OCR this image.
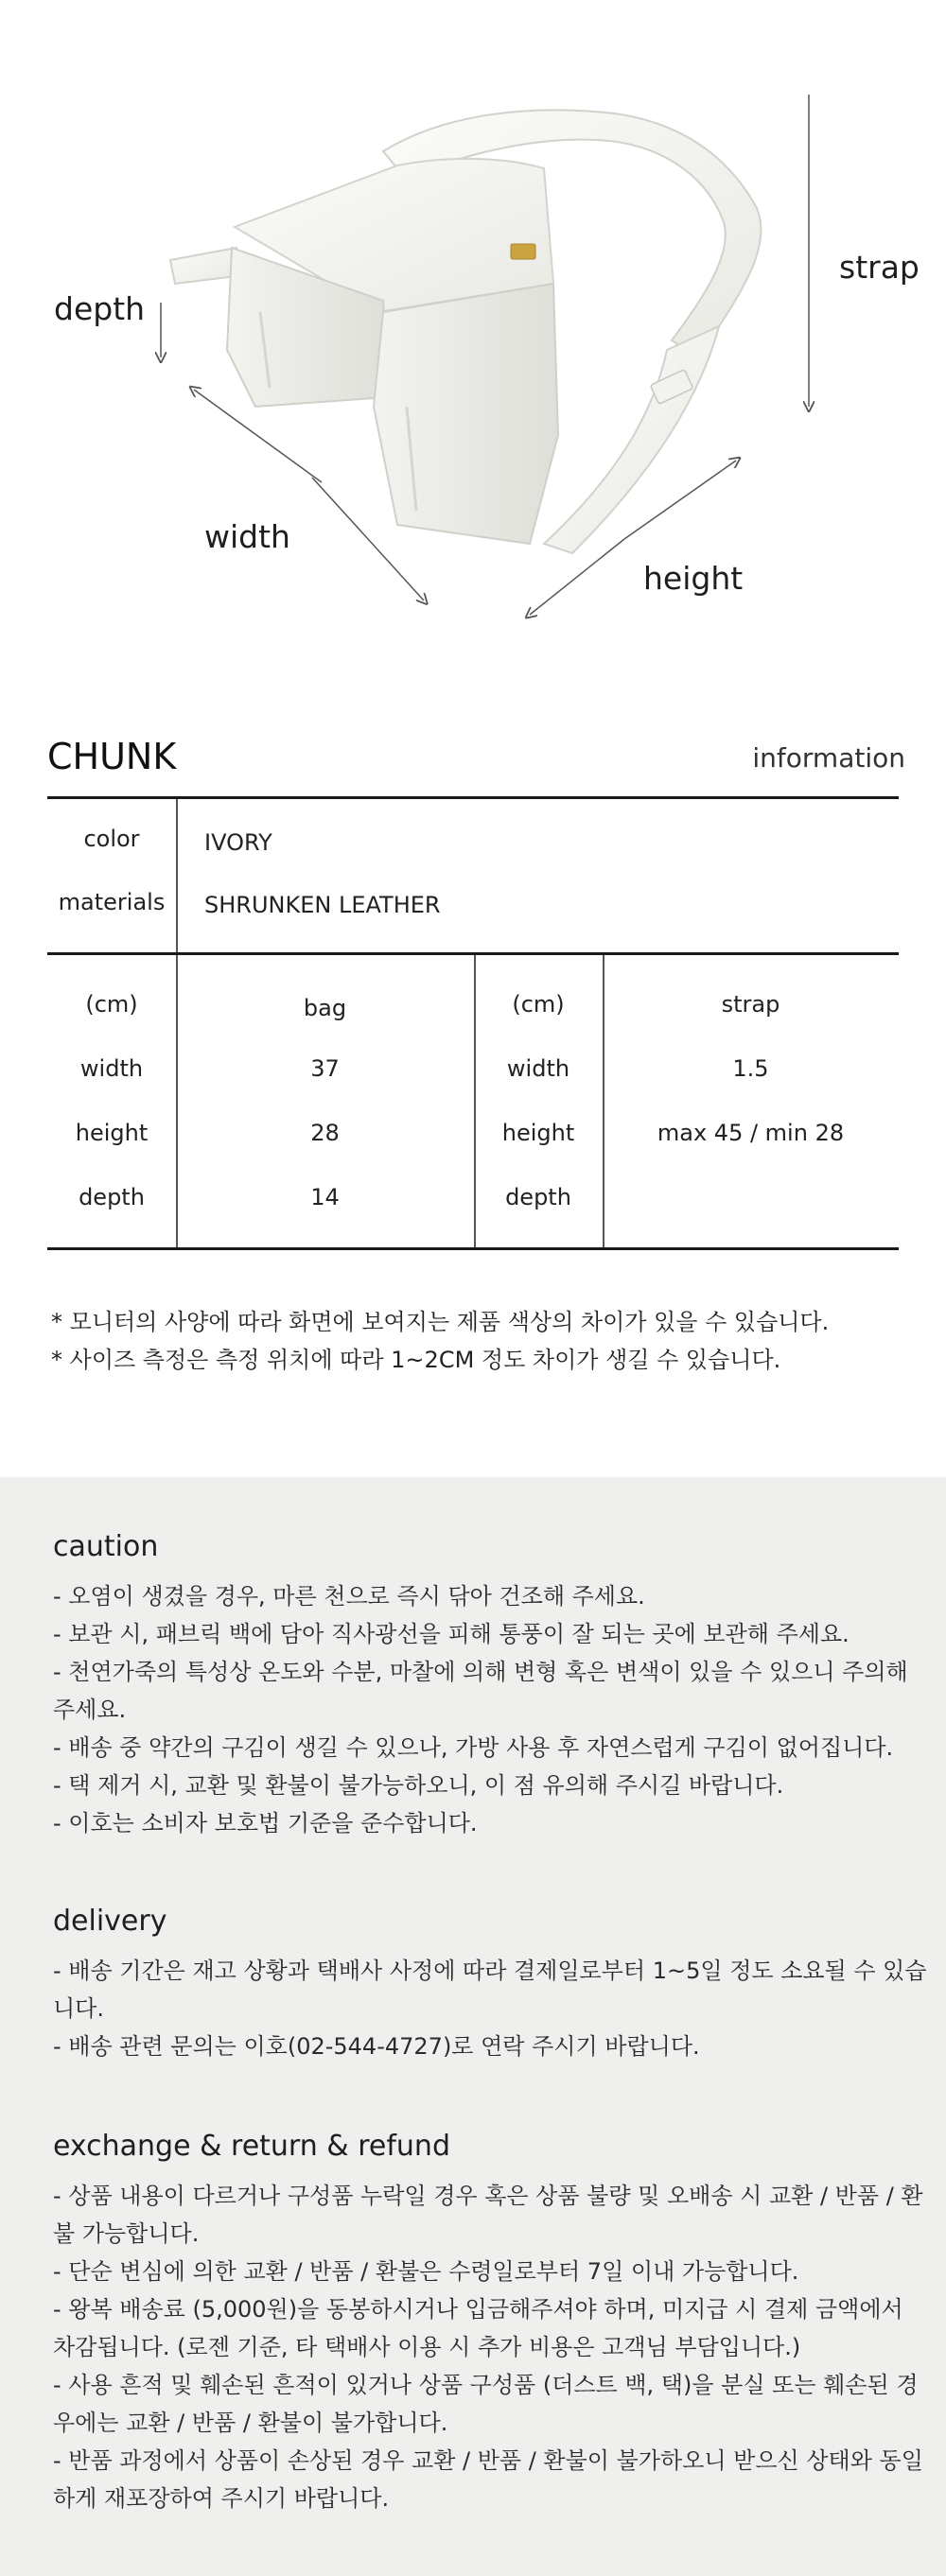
strap
depth
width
height
CHUNK	information
color	IVORY
materials	SHRUNKEN LEATHER
(cm)	bag	(cm)	strap
width	37	width	1.5
height	28	height	max 45 / min 28
depth	14	depth
* 모니터의 사양에 따라 화면에 보여지는 제품 색상의 차이가 있을 수 있습니다.
* 사이즈 측정은 측정 위치에 따라 1~2CM 정도 차이가 생길 수 있습니다.
caution
- 오염이 생겼을 경우, 마른 천으로 즉시 닦아 건조해 주세요.
- 보관 시, 패브릭 백에 담아 직사광선을 피해 통풍이 잘 되는 곳에 보관해 주세요.
- 천연가죽의 특성상 온도와 수분, 마찰에 의해 변형 혹은 변색이 있을 수 있으니 주의해
주세요.
- 배송 중 약간의 구김이 생길 수 있으나, 가방 사용 후 자연스럽게 구김이 없어집니다.
- 택 제거 시, 교환 및 환불이 불가능하오니, 이 점 유의해 주시길 바랍니다.
- 이호는 소비자 보호법 기준을 준수합니다.
delivery
- 배송 기간은 재고 상황과 택배사 사정에 따라 결제일로부터 1~5일 정도 소요될 수 있습
니다.
- 배송 관련 문의는 이호(02-544-4727)로 연락 주시기 바랍니다.
exchange & return & refund
- 상품 내용이 다르거나 구성품 누락일 경우 혹은 상품 불량 및 오배송 시 교환 / 반품 / 환
불 가능합니다.
- 단순 변심에 의한 교환 / 반품 / 환불은 수령일로부터 7일 이내 가능합니다.
- 왕복 배송료 (5,000원)을 동봉하시거나 입금해주셔야 하며, 미지급 시 결제 금액에서
차감됩니다. (로젠 기준, 타 택배사 이용 시 추가 비용은 고객님 부담입니다.)
- 사용 흔적 및 훼손된 흔적이 있거나 상품 구성품 (더스트 백, 택)을 분실 또는 훼손된 경
우에는 교환 / 반품 / 환불이 불가합니다.
- 반품 과정에서 상품이 손상된 경우 교환 / 반품 / 환불이 불가하오니 받으신 상태와 동일
하게 재포장하여 주시기 바랍니다.
